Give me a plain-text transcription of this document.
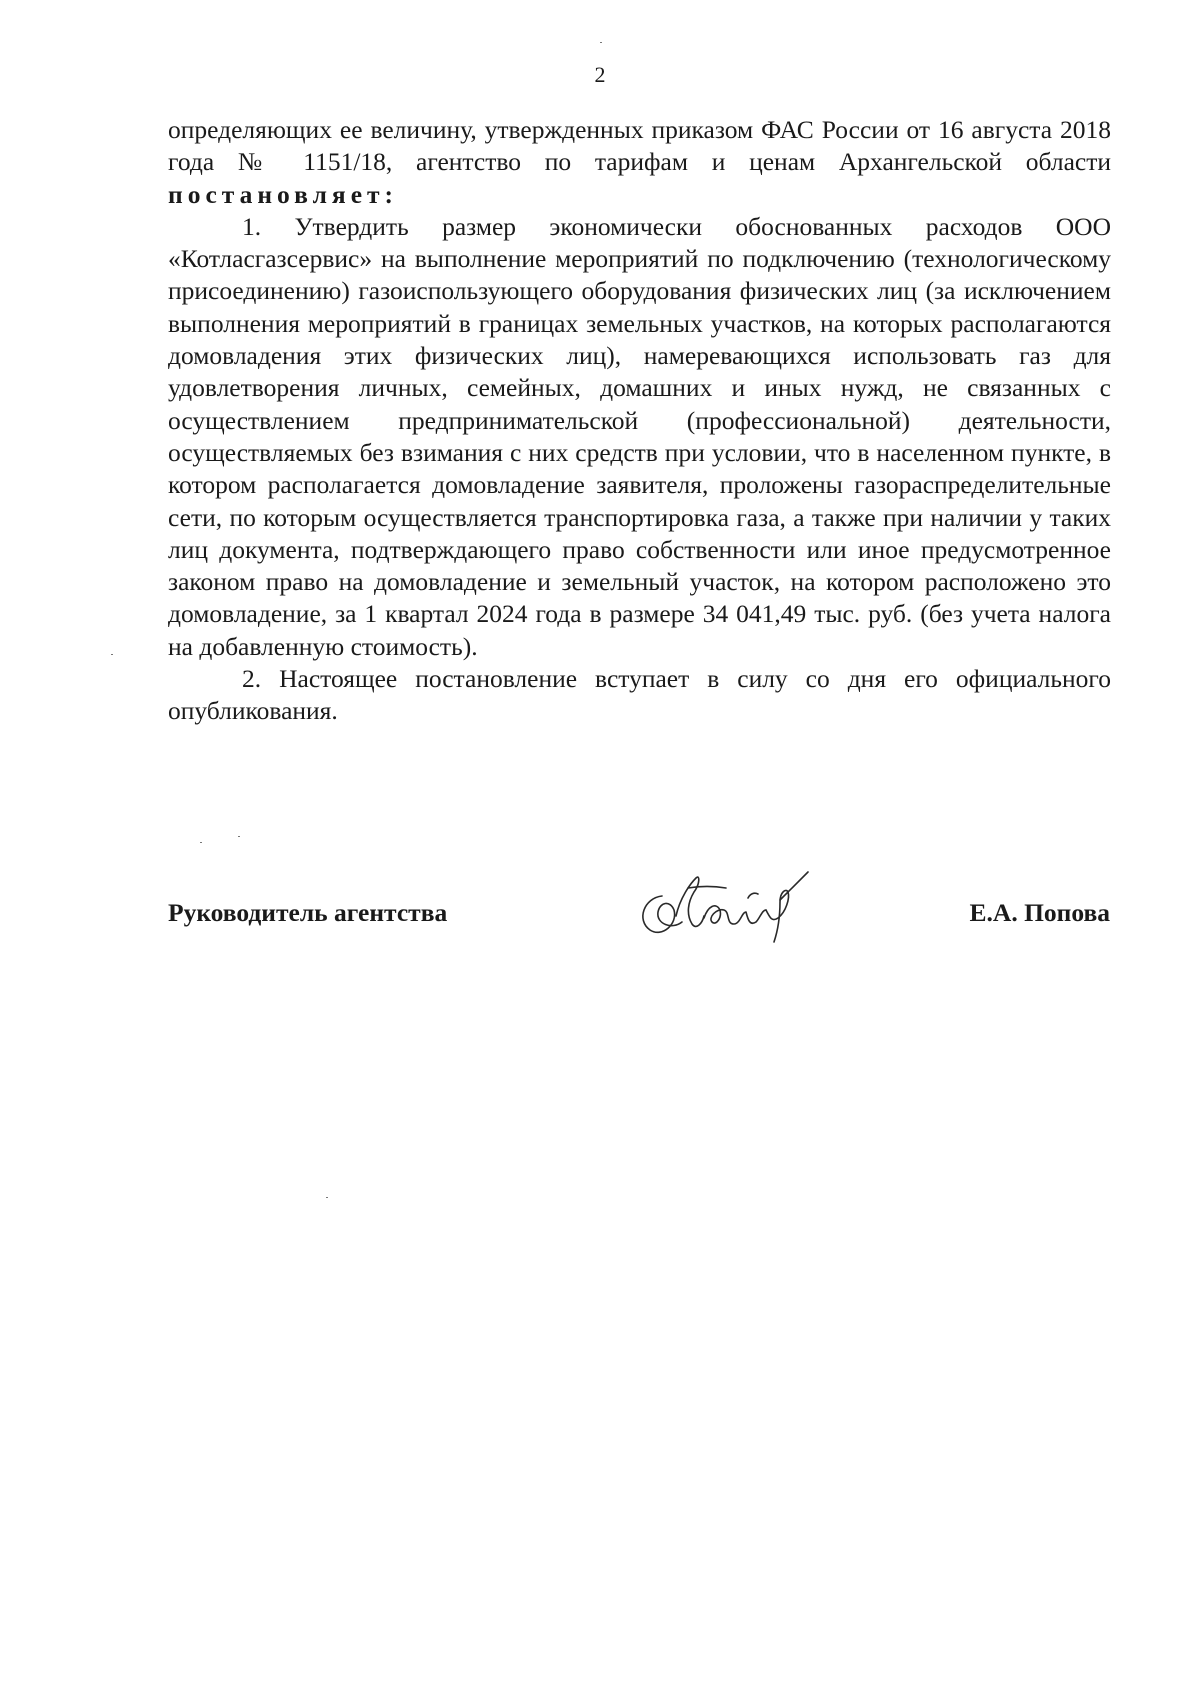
2

определяющих ее величину, утвержденных приказом ФАС России от 16 августа 2018 года № 1151/18, агентство по тарифам и ценам Архангельской области постановляет:

1. Утвердить размер экономически обоснованных расходов ООО «Котласгазсервис» на выполнение мероприятий по подключению (технологическому присоединению) газоиспользующего оборудования физических лиц (за исключением выполнения мероприятий в границах земельных участков, на которых располагаются домовладения этих физических лиц), намеревающихся использовать газ для удовлетворения личных, семейных, домашних и иных нужд, не связанных с осуществлением предпринимательской (профессиональной) деятельности, осуществляемых без взимания с них средств при условии, что в населенном пункте, в котором располагается домовладение заявителя, проложены газораспределительные сети, по которым осуществляется транспортировка газа, а также при наличии у таких лиц документа, подтверждающего право собственности или иное предусмотренное законом право на домовладение и земельный участок, на котором расположено это домовладение, за 1 квартал 2024 года в размере 34 041,49 тыс. руб. (без учета налога на добавленную стоимость).

2. Настоящее постановление вступает в силу со дня его официального опубликования.

Руководитель агентства	Е.А. Попова
